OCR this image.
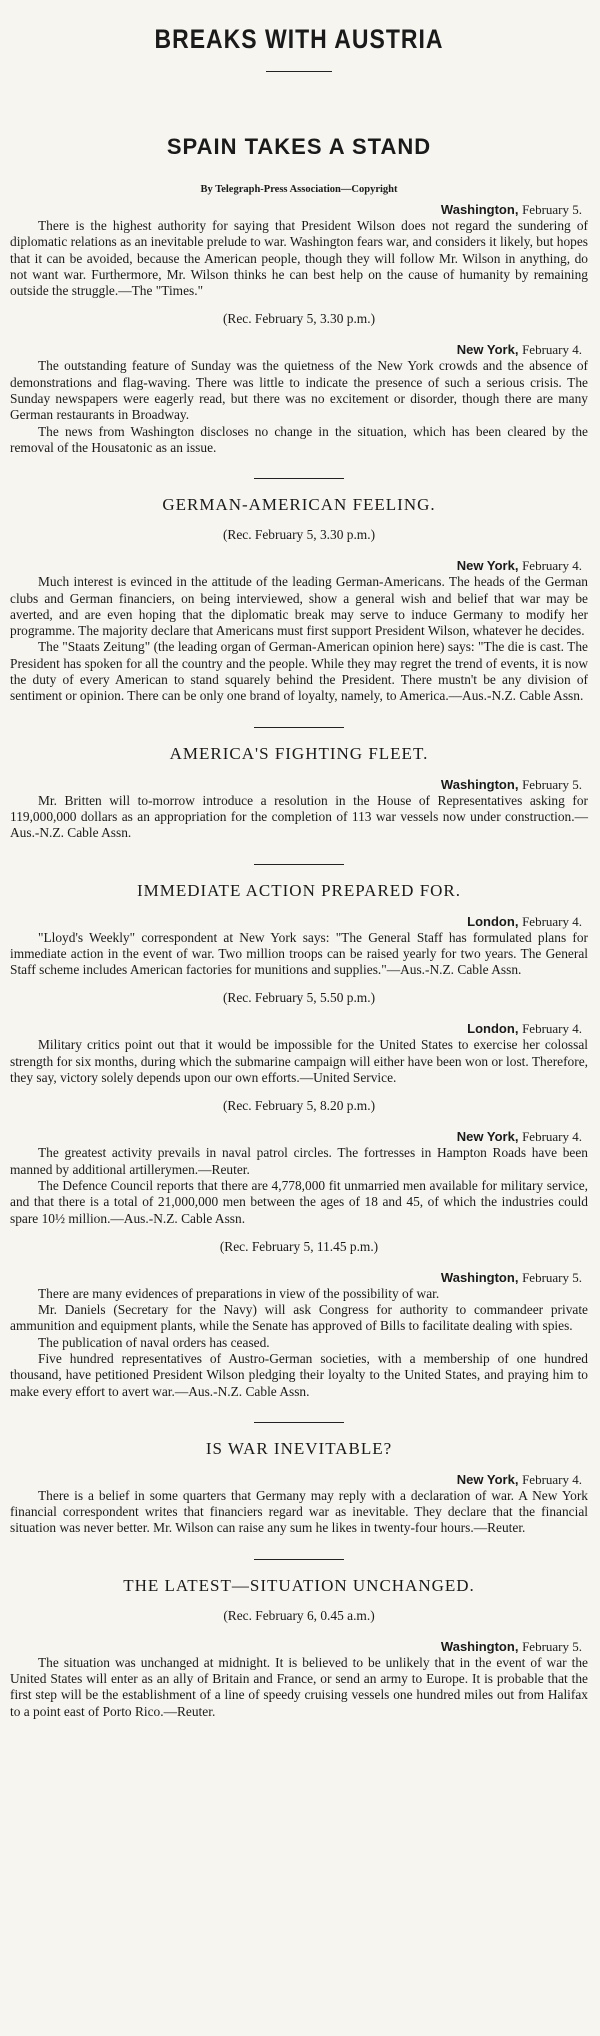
BREAKS WITH AUSTRIA
SPAIN TAKES A STAND
By Telegraph-Press Association—Copyright
Washington, February 5.

There is the highest authority for saying that President Wilson does not regard the sundering of diplomatic relations as an inevitable prelude to war. Washington fears war, and considers it likely, but hopes that it can be avoided, because the American people, though they will follow Mr. Wilson in anything, do not want war. Furthermore, Mr. Wilson thinks he can best help on the cause of humanity by remaining outside the struggle.—The "Times."

(Rec. February 5, 3.30 p.m.)
New York, February 4.

The outstanding feature of Sunday was the quietness of the New York crowds and the absence of demonstrations and flag-waving. There was little to indicate the presence of such a serious crisis. The Sunday newspapers were eagerly read, but there was no excitement or disorder, though there are many German restaurants in Broadway.

The news from Washington discloses no change in the situation, which has been cleared by the removal of the Housatonic as an issue.

GERMAN-AMERICAN FEELING.
(Rec. February 5, 3.30 p.m.)
New York, February 4.

Much interest is evinced in the attitude of the leading German-Americans. The heads of the German clubs and German financiers, on being interviewed, show a general wish and belief that war may be averted, and are even hoping that the diplomatic break may serve to induce Germany to modify her programme. The majority declare that Americans must first support President Wilson, whatever he decides.

The "Staats Zeitung" (the leading organ of German-American opinion here) says: "The die is cast. The President has spoken for all the country and the people. While they may regret the trend of events, it is now the duty of every American to stand squarely behind the President. There mustn't be any division of sentiment or opinion. There can be only one brand of loyalty, namely, to America.—Aus.-N.Z. Cable Assn.

AMERICA'S FIGHTING FLEET.
Washington, February 5.

Mr. Britten will to-morrow introduce a resolution in the House of Representatives asking for 119,000,000 dollars as an appropriation for the completion of 113 war vessels now under construction.—Aus.-N.Z. Cable Assn.

IMMEDIATE ACTION PREPARED FOR.
London, February 4.

"Lloyd's Weekly" correspondent at New York says: "The General Staff has formulated plans for immediate action in the event of war. Two million troops can be raised yearly for two years. The General Staff scheme includes American factories for munitions and supplies."—Aus.-N.Z. Cable Assn.

(Rec. February 5, 5.50 p.m.)
London, February 4.

Military critics point out that it would be impossible for the United States to exercise her colossal strength for six months, during which the submarine campaign will either have been won or lost. Therefore, they say, victory solely depends upon our own efforts.—United Service.

(Rec. February 5, 8.20 p.m.)
New York, February 4.

The greatest activity prevails in naval patrol circles. The fortresses in Hampton Roads have been manned by additional artillerymen.—Reuter.

The Defence Council reports that there are 4,778,000 fit unmarried men available for military service, and that there is a total of 21,000,000 men between the ages of 18 and 45, of which the industries could spare 10½ million.—Aus.-N.Z. Cable Assn.

(Rec. February 5, 11.45 p.m.)
Washington, February 5.

There are many evidences of preparations in view of the possibility of war.

Mr. Daniels (Secretary for the Navy) will ask Congress for authority to commandeer private ammunition and equipment plants, while the Senate has approved of Bills to facilitate dealing with spies.

The publication of naval orders has ceased.

Five hundred representatives of Austro-German societies, with a membership of one hundred thousand, have petitioned President Wilson pledging their loyalty to the United States, and praying him to make every effort to avert war.—Aus.-N.Z. Cable Assn.

IS WAR INEVITABLE?
New York, February 4.

There is a belief in some quarters that Germany may reply with a declaration of war. A New York financial correspondent writes that financiers regard war as inevitable. They declare that the financial situation was never better. Mr. Wilson can raise any sum he likes in twenty-four hours.—Reuter.

THE LATEST—SITUATION UNCHANGED.
(Rec. February 6, 0.45 a.m.)
Washington, February 5.

The situation was unchanged at midnight. It is believed to be unlikely that in the event of war the United States will enter as an ally of Britain and France, or send an army to Europe. It is probable that the first step will be the establishment of a line of speedy cruising vessels one hundred miles out from Halifax to a point east of Porto Rico.—Reuter.
